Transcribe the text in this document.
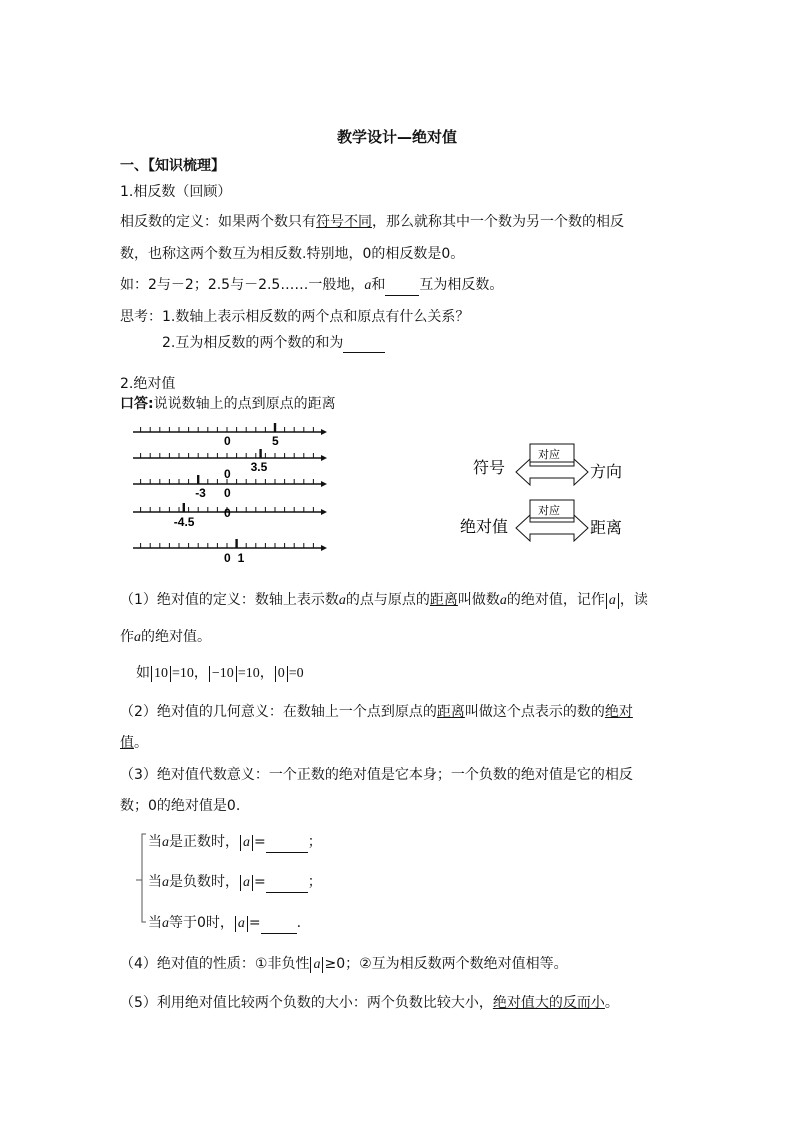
教学设计—绝对值
一、【知识梳理】
1.相反数（回顾）
相反数的定义：如果两个数只有符号不同，那么就称其中一个数为另一个数的相反
数，也称这两个数互为相反数.特别地，0的相反数是0。
如：2与－2；2.5与－2.5……一般地，a和 互为相反数。
思考：1.数轴上表示相反数的两个点和原点有什么关系？
2.互为相反数的两个数的和为
2.绝对值
口答:说说数轴上的点到原点的距离
0	5
0 3.5
0
-3
0
-4.5
0 1
符号
对应
方向
绝对值
对应
距离
（1）绝对值的定义：数轴上表示数a的点与原点的距离叫做数a的绝对值，记作 a ，读
作a的绝对值。
如 10 =10， −10 =10， 0 =0
（2）绝对值的几何意义：在数轴上一个点到原点的距离叫做这个点表示的数的绝对
值。
（3）绝对值代数意义：一个正数的绝对值是它本身；一个负数的绝对值是它的相反
数；0的绝对值是0.
当a是正数时， a =	；
当a是负数时， a =	；
当a等于0时， a =	.
（4）绝对值的性质：①非负性 a ≥0；②互为相反数两个数绝对值相等。
（5）利用绝对值比较两个负数的大小：两个负数比较大小，绝对值大的反而小。
